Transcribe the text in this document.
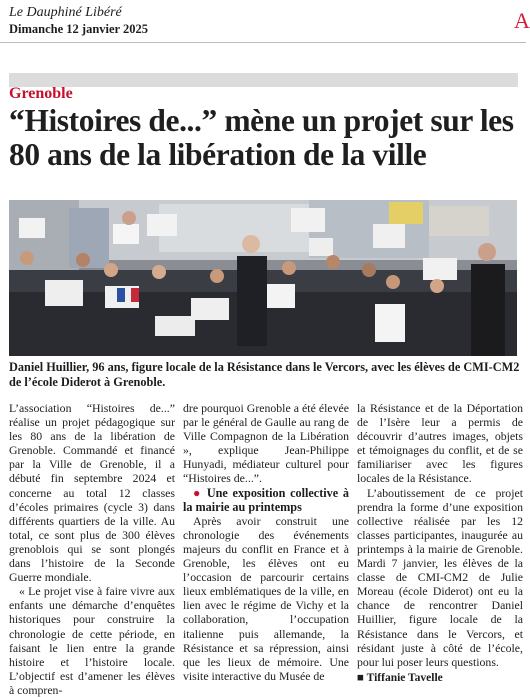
Le Dauphiné Libéré
Dimanche 12 janvier 2025	A
Grenoble
“Histoires de...” mène un projet sur les 80 ans de la libération de la ville
Daniel Huillier, 96 ans, figure locale de la Résistance dans le Vercors, avec les élèves de CMI-CM2 de l’école Diderot à Grenoble.

L’association “Histoires de...” réalise un projet pédagogique sur les 80 ans de la libération de Grenoble. Commandé et financé par la Ville de Grenoble, il a débuté fin septembre 2024 et concerne au total 12 classes d’écoles primaires (cycle 3) dans différents quartiers de la ville. Au total, ce sont plus de 300 élèves grenoblois qui se sont plongés dans l’histoire de la Seconde Guerre mondiale.

« Le projet vise à faire vivre aux enfants une démarche d’enquêtes historiques pour construire la chronologie de cette période, en faisant le lien entre la grande histoire et l’histoire locale. L’objectif est d’amener les élèves à compren-

dre pourquoi Grenoble a été élevée par le général de Gaulle au rang de Ville Compagnon de la Libération », explique Jean-Philippe Hunyadi, médiateur culturel pour “Histoires de...”.

● Une exposition collective à la mairie au printemps

Après avoir construit une chronologie des événements majeurs du conflit en France et à Grenoble, les élèves ont eu l’occasion de parcourir certains lieux emblématiques de la ville, en lien avec le régime de Vichy et la collaboration, l’occupation italienne puis allemande, la Résistance et sa répression, ainsi que les lieux de mémoire. Une visite interactive du Musée de

la Résistance et de la Déportation de l’Isère leur a permis de découvrir d’autres images, objets et témoignages du conflit, et de se familiariser avec les figures locales de la Résistance.

L’aboutissement de ce projet prendra la forme d’une exposition collective réalisée par les 12 classes participantes, inaugurée au printemps à la mairie de Grenoble. Mardi 7 janvier, les élèves de la classe de CMI-CM2 de Julie Moreau (école Diderot) ont eu la chance de rencontrer Daniel Huillier, figure locale de la Résistance dans le Vercors, et résidant juste à côté de l’école, pour lui poser leurs questions.

■ Tiffanie Tavelle
